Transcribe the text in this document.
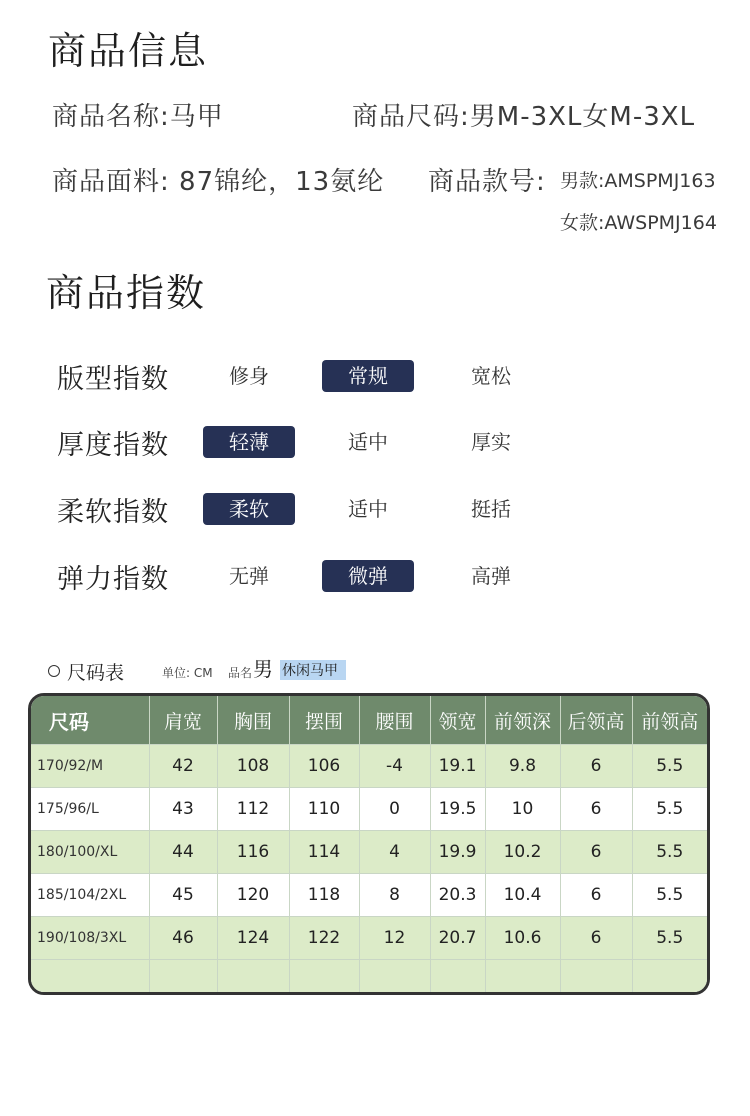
商品信息
商品名称:马甲	商品尺码:男M-3XL女M-3XL
商品面料: 87锦纶，13氨纶 商品款号: 男款:AMSPMJ163
女款:AWSPMJ164
商品指数
版型指数	修身	常规	宽松
厚度指数	轻薄	适中	厚实
柔软指数	柔软	适中	挺括
弹力指数	无弹	微弹	高弹
尺码表	单位: CM 品名 男 休闲马甲
尺码	肩宽	胸围	摆围	腰围	领宽	前领深	后领高	前领高
170/92/M	42	108	106	-4	19.1	9.8	6	5.5
175/96/L	43	112	110	0	19.5	10	6	5.5
180/100/XL	44	116	114	4	19.9	10.2	6	5.5
185/104/2XL	45	120	118	8	20.3	10.4	6	5.5
190/108/3XL	46	124	122	12	20.7	10.6	6	5.5
